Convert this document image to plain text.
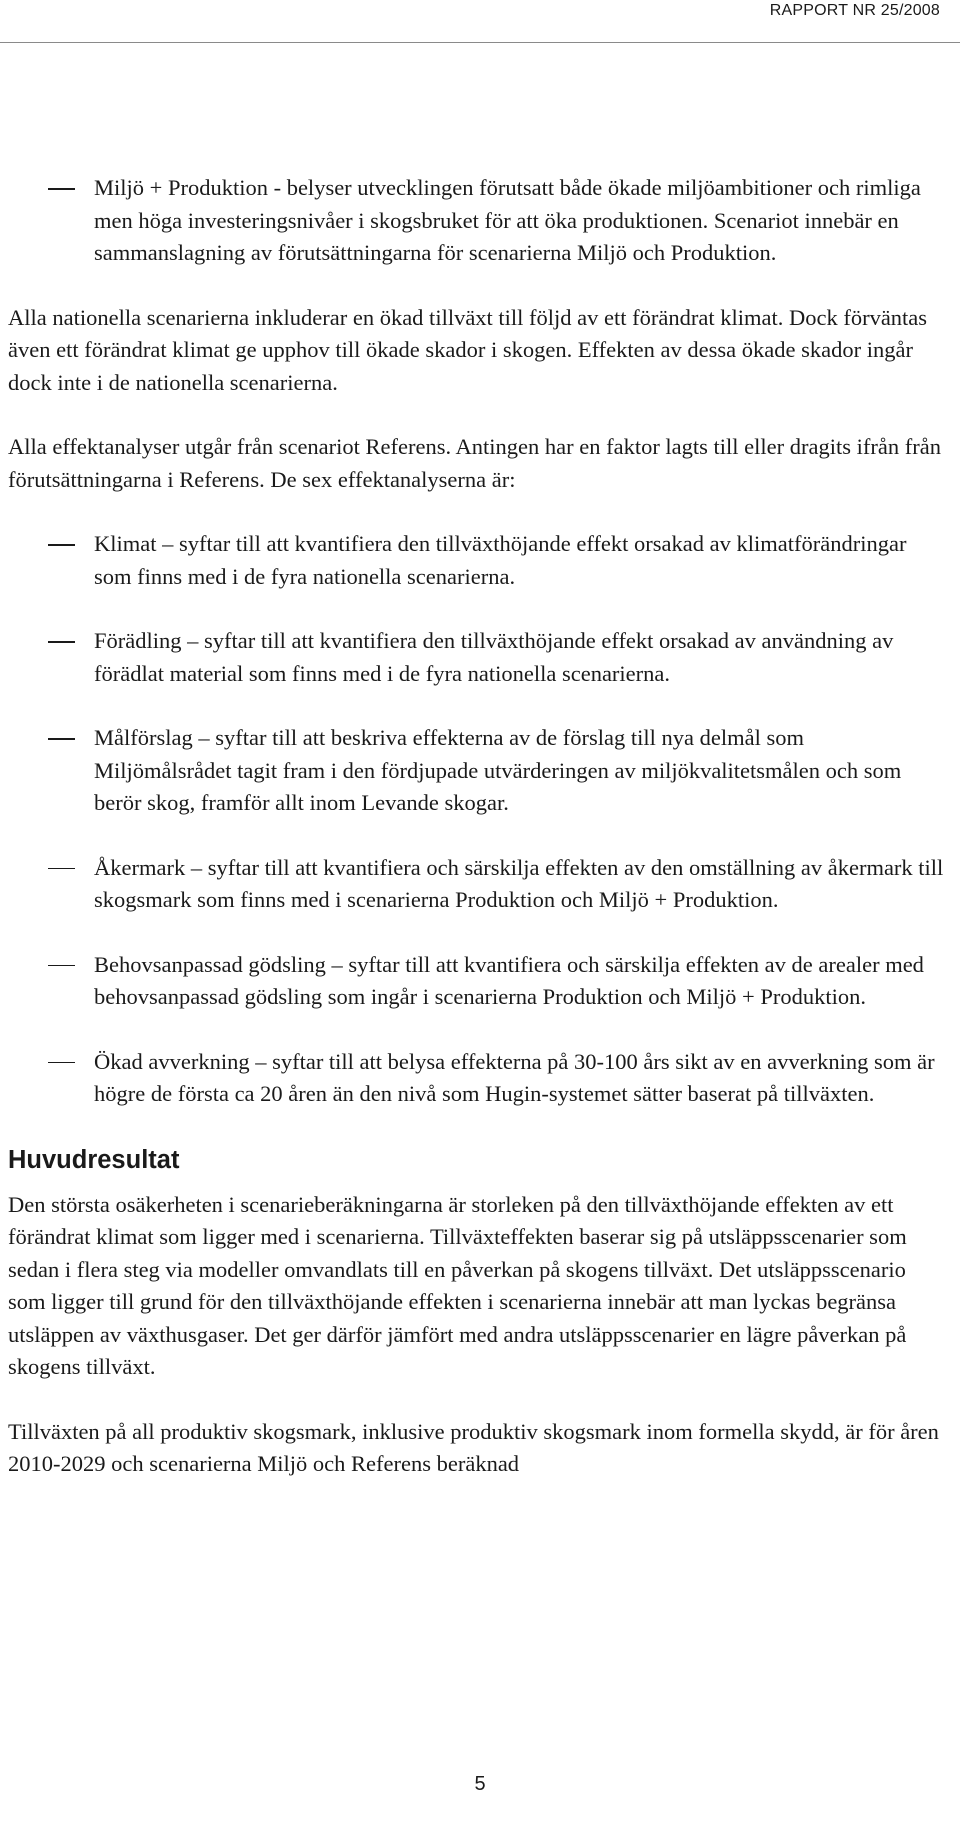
RAPPORT NR 25/2008
Miljö + Produktion - belyser utvecklingen förutsatt både ökade miljöambitioner och rimliga men höga investeringsnivåer i skogsbruket för att öka produktionen. Scenariot innebär en sammanslagning av förutsättningarna för scenarierna Miljö och Produktion.

Alla nationella scenarierna inkluderar en ökad tillväxt till följd av ett förändrat klimat. Dock förväntas även ett förändrat klimat ge upphov till ökade skador i skogen. Effekten av dessa ökade skador ingår dock inte i de nationella scenarierna.

Alla effektanalyser utgår från scenariot Referens. Antingen har en faktor lagts till eller dragits ifrån från förutsättningarna i Referens. De sex effektanalyserna är:

Klimat – syftar till att kvantifiera den tillväxthöjande effekt orsakad av klimatförändringar som finns med i de fyra nationella scenarierna.
Förädling – syftar till att kvantifiera den tillväxthöjande effekt orsakad av användning av förädlat material som finns med i de fyra nationella scenarierna.
Målförslag – syftar till att beskriva effekterna av de förslag till nya delmål som Miljömålsrådet tagit fram i den fördjupade utvärderingen av miljökvalitetsmålen och som berör skog, framför allt inom Levande skogar.
Åkermark – syftar till att kvantifiera och särskilja effekten av den omställning av åkermark till skogsmark som finns med i scenarierna Produktion och Miljö + Produktion.
Behovsanpassad gödsling – syftar till att kvantifiera och särskilja effekten av de arealer med behovsanpassad gödsling som ingår i scenarierna Produktion och Miljö + Produktion.
Ökad avverkning – syftar till att belysa effekterna på 30-100 års sikt av en avverkning som är högre de första ca 20 åren än den nivå som Hugin-systemet sätter baserat på tillväxten.
Huvudresultat

Den största osäkerheten i scenarieberäkningarna är storleken på den tillväxthöjande effekten av ett förändrat klimat som ligger med i scenarierna. Tillväxteffekten baserar sig på utsläppsscenarier som sedan i flera steg via modeller omvandlats till en påverkan på skogens tillväxt. Det utsläppsscenario som ligger till grund för den tillväxthöjande effekten i scenarierna innebär att man lyckas begränsa utsläppen av växthusgaser. Det ger därför jämfört med andra utsläppsscenarier en lägre påverkan på skogens tillväxt.

Tillväxten på all produktiv skogsmark, inklusive produktiv skogsmark inom formella skydd, är för åren 2010-2029 och scenarierna Miljö och Referens beräknad

5
